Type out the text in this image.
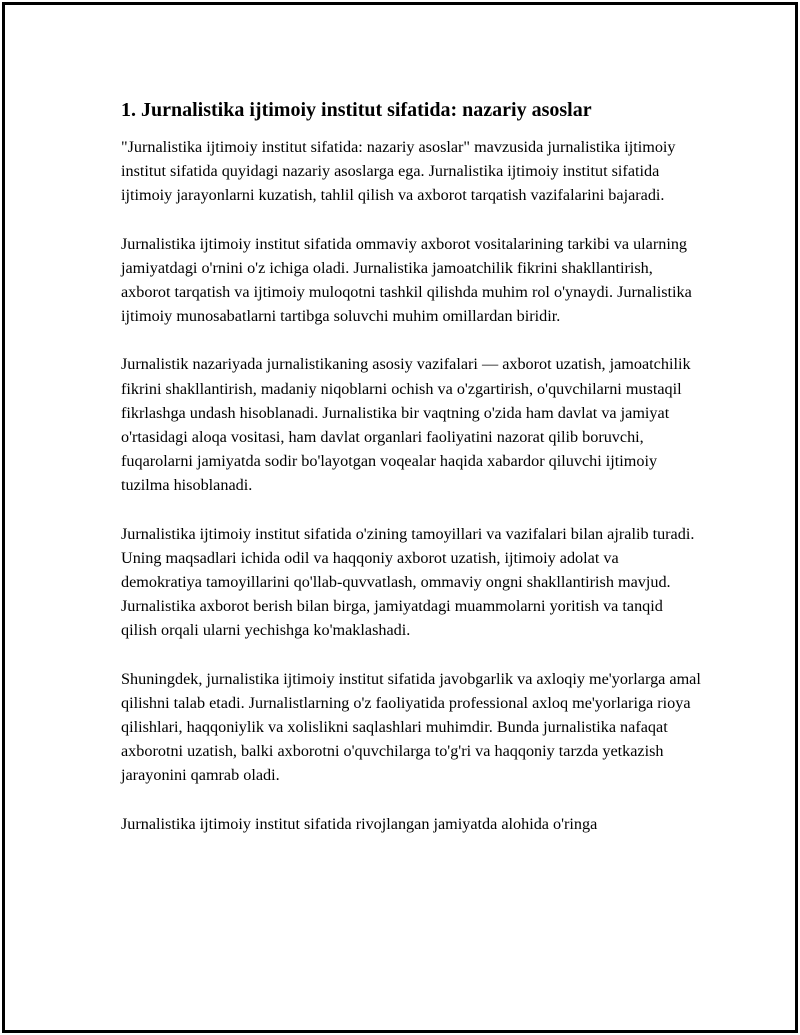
1. Jurnalistika ijtimoiy institut sifatida: nazariy asoslar

"Jurnalistika ijtimoiy institut sifatida: nazariy asoslar" mavzusida jurnalistika ijtimoiy institut sifatida quyidagi nazariy asoslarga ega. Jurnalistika ijtimoiy institut sifatida ijtimoiy jarayonlarni kuzatish, tahlil qilish va axborot tarqatish vazifalarini bajaradi.

Jurnalistika ijtimoiy institut sifatida ommaviy axborot vositalarining tarkibi va ularning jamiyatdagi o'rnini o'z ichiga oladi. Jurnalistika jamoatchilik fikrini shakllantirish, axborot tarqatish va ijtimoiy muloqotni tashkil qilishda muhim rol o'ynaydi. Jurnalistika ijtimoiy munosabatlarni tartibga soluvchi muhim omillardan biridir.

Jurnalistik nazariyada jurnalistikaning asosiy vazifalari — axborot uzatish, jamoatchilik fikrini shakllantirish, madaniy niqoblarni ochish va o'zgartirish, o'quvchilarni mustaqil fikrlashga undash hisoblanadi. Jurnalistika bir vaqtning o'zida ham davlat va jamiyat o'rtasidagi aloqa vositasi, ham davlat organlari faoliyatini nazorat qilib boruvchi, fuqarolarni jamiyatda sodir bo'layotgan voqealar haqida xabardor qiluvchi ijtimoiy tuzilma hisoblanadi.

Jurnalistika ijtimoiy institut sifatida o'zining tamoyillari va vazifalari bilan ajralib turadi. Uning maqsadlari ichida odil va haqqoniy axborot uzatish, ijtimoiy adolat va demokratiya tamoyillarini qo'llab-quvvatlash, ommaviy ongni shakllantirish mavjud. Jurnalistika axborot berish bilan birga, jamiyatdagi muammolarni yoritish va tanqid qilish orqali ularni yechishga ko'maklashadi.

Shuningdek, jurnalistika ijtimoiy institut sifatida javobgarlik va axloqiy me'yorlarga amal qilishni talab etadi. Jurnalistlarning o'z faoliyatida professional axloq me'yorlariga rioya qilishlari, haqqoniylik va xolislikni saqlashlari muhimdir. Bunda jurnalistika nafaqat axborotni uzatish, balki axborotni o'quvchilarga to'g'ri va haqqoniy tarzda yetkazish jarayonini qamrab oladi.

Jurnalistika ijtimoiy institut sifatida rivojlangan jamiyatda alohida o'ringa
